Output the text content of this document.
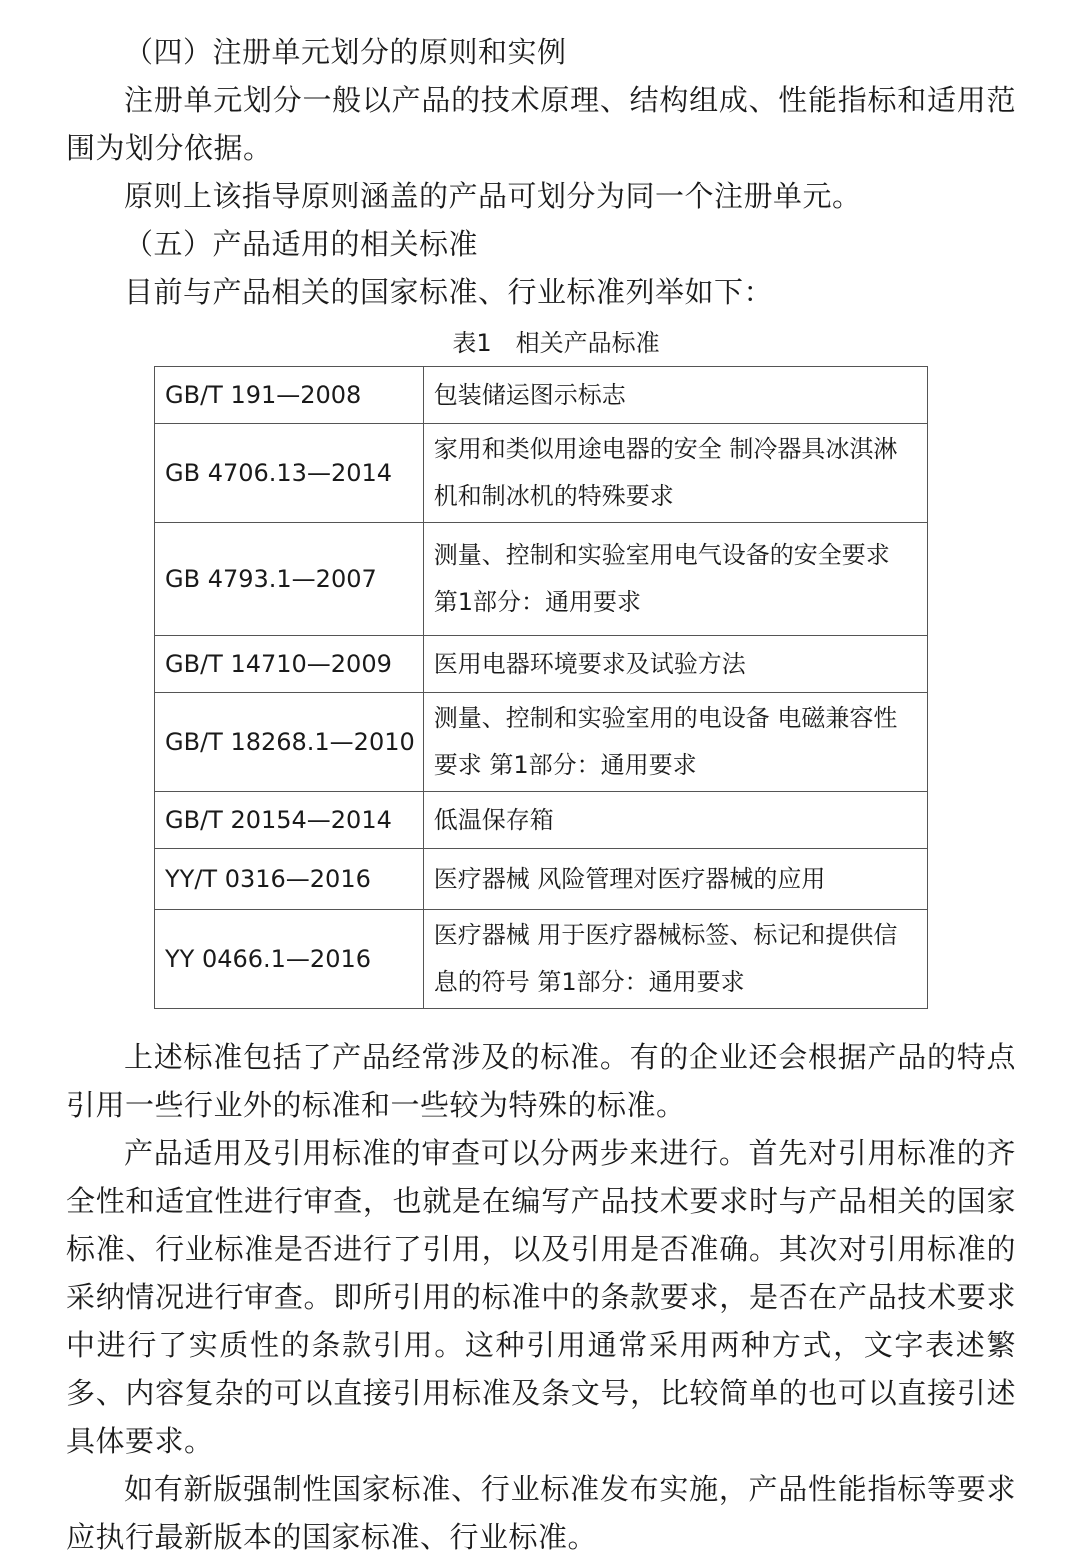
（四）注册单元划分的原则和实例

注册单元划分一般以产品的技术原理、结构组成、性能指标和适用范围为划分依据。

原则上该指导原则涵盖的产品可划分为同一个注册单元。

（五）产品适用的相关标准

目前与产品相关的国家标准、行业标准列举如下：

表1　相关产品标准
GB/T 191—2008	包装储运图示标志
GB 4706.13—2014	家用和类似用途电器的安全 制冷器具冰淇淋机和制冰机的特殊要求
GB 4793.1—2007	测量、控制和实验室用电气设备的安全要求 第1部分：通用要求
GB/T 14710—2009	医用电器环境要求及试验方法
GB/T 18268.1—2010	测量、控制和实验室用的电设备 电磁兼容性要求 第1部分：通用要求
GB/T 20154—2014	低温保存箱
YY/T 0316—2016	医疗器械 风险管理对医疗器械的应用
YY 0466.1—2016	医疗器械 用于医疗器械标签、标记和提供信息的符号 第1部分：通用要求

上述标准包括了产品经常涉及的标准。有的企业还会根据产品的特点引用一些行业外的标准和一些较为特殊的标准。

产品适用及引用标准的审查可以分两步来进行。首先对引用标准的齐全性和适宜性进行审查，也就是在编写产品技术要求时与产品相关的国家标准、行业标准是否进行了引用，以及引用是否准确。其次对引用标准的采纳情况进行审查。即所引用的标准中的条款要求，是否在产品技术要求中进行了实质性的条款引用。这种引用通常采用两种方式，文字表述繁多、内容复杂的可以直接引用标准及条文号，比较简单的也可以直接引述具体要求。

如有新版强制性国家标准、行业标准发布实施，产品性能指标等要求应执行最新版本的国家标准、行业标准。
